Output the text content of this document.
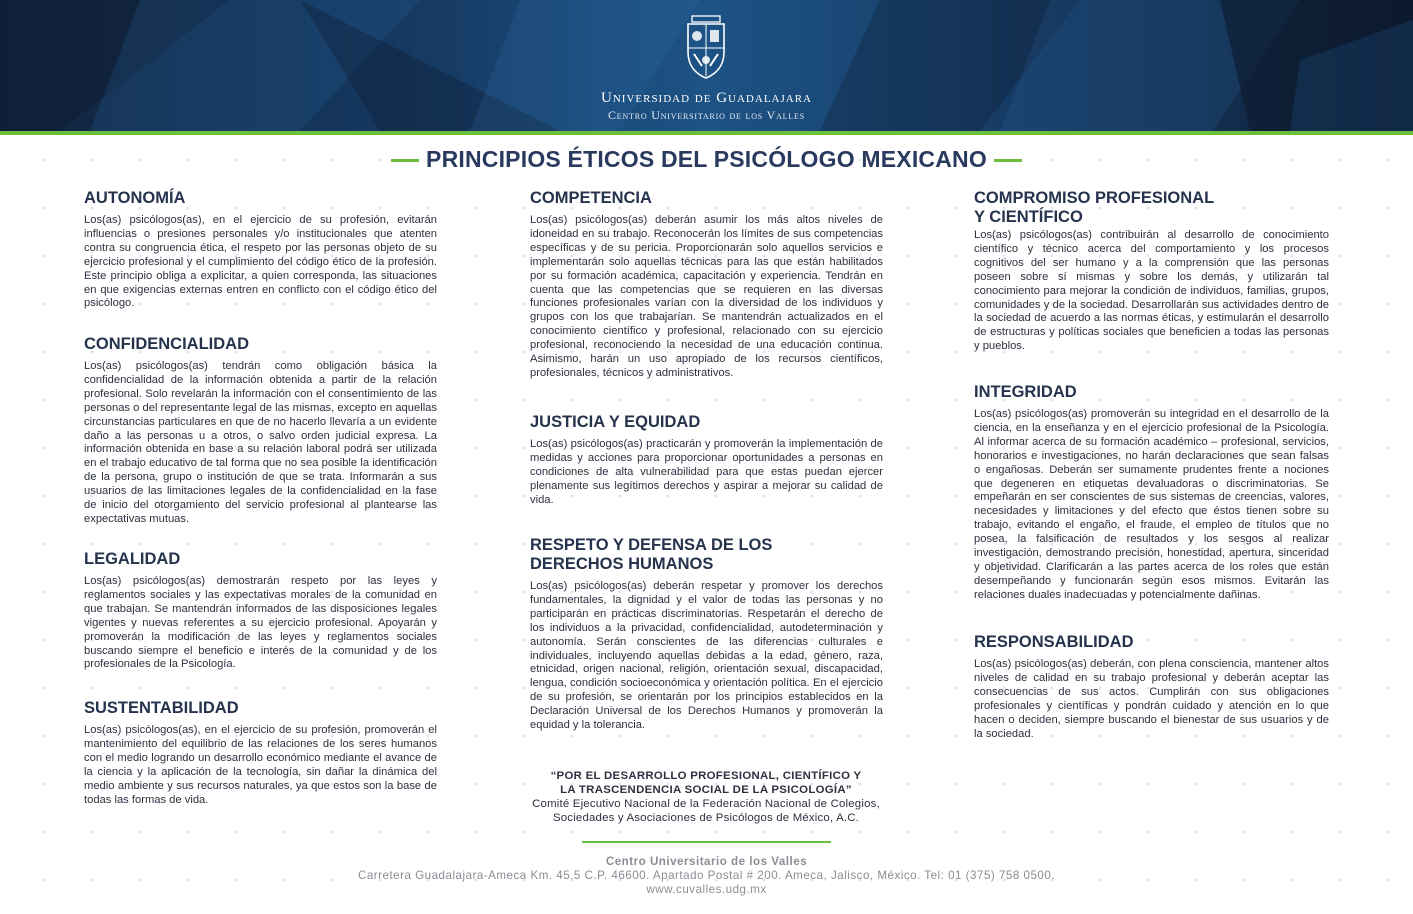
Universidad de Guadalajara
Centro Universitario de los Valles
PRINCIPIOS ÉTICOS DEL PSICÓLOGO MEXICANO
AUTONOMÍA

Los(as) psicólogos(as), en el ejercicio de su profesión, evitarán influencias o presiones personales y/o institucionales que atenten contra su congruencia ética, el respeto por las personas objeto de su ejercicio profesional y el cumplimiento del código ético de la profesión. Este principio obliga a explicitar, a quien corresponda, las situaciones en que exigencias externas entren en conflicto con el código ético del psicólogo.

CONFIDENCIALIDAD

Los(as) psicólogos(as) tendrán como obligación básica la confidencialidad de la información obtenida a partir de la relación profesional. Solo revelarán la información con el consentimiento de las personas o del representante legal de las mismas, excepto en aquellas circunstancias particulares en que de no hacerlo llevaría a un evidente daño a las personas u a otros, o salvo orden judicial expresa. La información obtenida en base a su relación laboral podrá ser utilizada en el trabajo educativo de tal forma que no sea posible la identificación de la persona, grupo o institución de que se trata. Informarán a sus usuarios de las limitaciones legales de la confidencialidad en la fase de inicio del otorgamiento del servicio profesional al plantearse las expectativas mutuas.

LEGALIDAD

Los(as) psicólogos(as) demostrarán respeto por las leyes y reglamentos sociales y las expectativas morales de la comunidad en que trabajan. Se mantendrán informados de las disposiciones legales vigentes y nuevas referentes a su ejercicio profesional. Apoyarán y promoverán la modificación de las leyes y reglamentos sociales buscando siempre el beneficio e interés de la comunidad y de los profesionales de la Psicología.

SUSTENTABILIDAD

Los(as) psicólogos(as), en el ejercicio de su profesión, promoverán el mantenimiento del equilibrio de las relaciones de los seres humanos con el medio logrando un desarrollo económico mediante el avance de la ciencia y la aplicación de la tecnología, sin dañar la dinámica del medio ambiente y sus recursos naturales, ya que estos son la base de todas las formas de vida.

COMPETENCIA

Los(as) psicólogos(as) deberán asumir los más altos niveles de idoneidad en su trabajo. Reconocerán los límites de sus competencias específicas y de su pericia. Proporcionarán solo aquellos servicios e implementarán solo aquellas técnicas para las que están habilitados por su formación académica, capacitación y experiencia. Tendrán en cuenta que las competencias que se requieren en las diversas funciones profesionales varían con la diversidad de los individuos y grupos con los que trabajarían. Se mantendrán actualizados en el conocimiento científico y profesional, relacionado con su ejercicio profesional, reconociendo la necesidad de una educación continua. Asimismo, harán un uso apropiado de los recursos científicos, profesionales, técnicos y administrativos.

JUSTICIA Y EQUIDAD

Los(as) psicólogos(as) practicarán y promoverán la implementación de medidas y acciones para proporcionar oportunidades a personas en condiciones de alta vulnerabilidad para que estas puedan ejercer plenamente sus legítimos derechos y aspirar a mejorar su calidad de vida.

RESPETO Y DEFENSA DE LOS DERECHOS HUMANOS

Los(as) psicólogos(as) deberán respetar y promover los derechos fundamentales, la dignidad y el valor de todas las personas y no participarán en prácticas discriminatorias. Respetarán el derecho de los individuos a la privacidad, confidencialidad, autodeterminación y autonomía. Serán conscientes de las diferencias culturales e individuales, incluyendo aquellas debidas a la edad, género, raza, etnicidad, origen nacional, religión, orientación sexual, discapacidad, lengua, condición socioeconómica y orientación política. En el ejercicio de su profesión, se orientarán por los principios establecidos en la Declaración Universal de los Derechos Humanos y promoverán la equidad y la tolerancia.

“POR EL DESARROLLO PROFESIONAL, CIENTÍFICO Y
LA TRASCENDENCIA SOCIAL DE LA PSICOLOGÍA”
Comité Ejecutivo Nacional de la Federación Nacional de Colegios,
Sociedades y Asociaciones de Psicólogos de México, A.C.
COMPROMISO PROFESIONAL Y CIENTÍFICO

Los(as) psicólogos(as) contribuirán al desarrollo de conocimiento científico y técnico acerca del comportamiento y los procesos cognitivos del ser humano y a la comprensión que las personas poseen sobre sí mismas y sobre los demás, y utilizarán tal conocimiento para mejorar la condición de individuos, familias, grupos, comunidades y de la sociedad. Desarrollarán sus actividades dentro de la sociedad de acuerdo a las normas éticas, y estimularán el desarrollo de estructuras y políticas sociales que beneficien a todas las personas y pueblos.

INTEGRIDAD

Los(as) psicólogos(as) promoverán su integridad en el desarrollo de la ciencia, en la enseñanza y en el ejercicio profesional de la Psicología. Al informar acerca de su formación académico – profesional, servicios, honorarios e investigaciones, no harán declaraciones que sean falsas o engañosas. Deberán ser sumamente prudentes frente a nociones que degeneren en etiquetas devaluadoras o discriminatorias. Se empeñarán en ser conscientes de sus sistemas de creencias, valores, necesidades y limitaciones y del efecto que éstos tienen sobre su trabajo, evitando el engaño, el fraude, el empleo de títulos que no posea, la falsificación de resultados y los sesgos al realizar investigación, demostrando precisión, honestidad, apertura, sinceridad y objetividad. Clarificarán a las partes acerca de los roles que están desempeñando y funcionarán según esos mismos. Evitarán las relaciones duales inadecuadas y potencialmente dañinas.

RESPONSABILIDAD

Los(as) psicólogos(as) deberán, con plena consciencia, mantener altos niveles de calidad en su trabajo profesional y deberán aceptar las consecuencias de sus actos. Cumplirán con sus obligaciones profesionales y científicas y pondrán cuidado y atención en lo que hacen o deciden, siempre buscando el bienestar de sus usuarios y de la sociedad.

Centro Universitario de los Valles
Carretera Guadalajara-Ameca Km. 45.5 C.P. 46600. Apartado Postal # 200. Ameca, Jalisco, México. Tel: 01 (375) 758 0500.
www.cuvalles.udg.mx
